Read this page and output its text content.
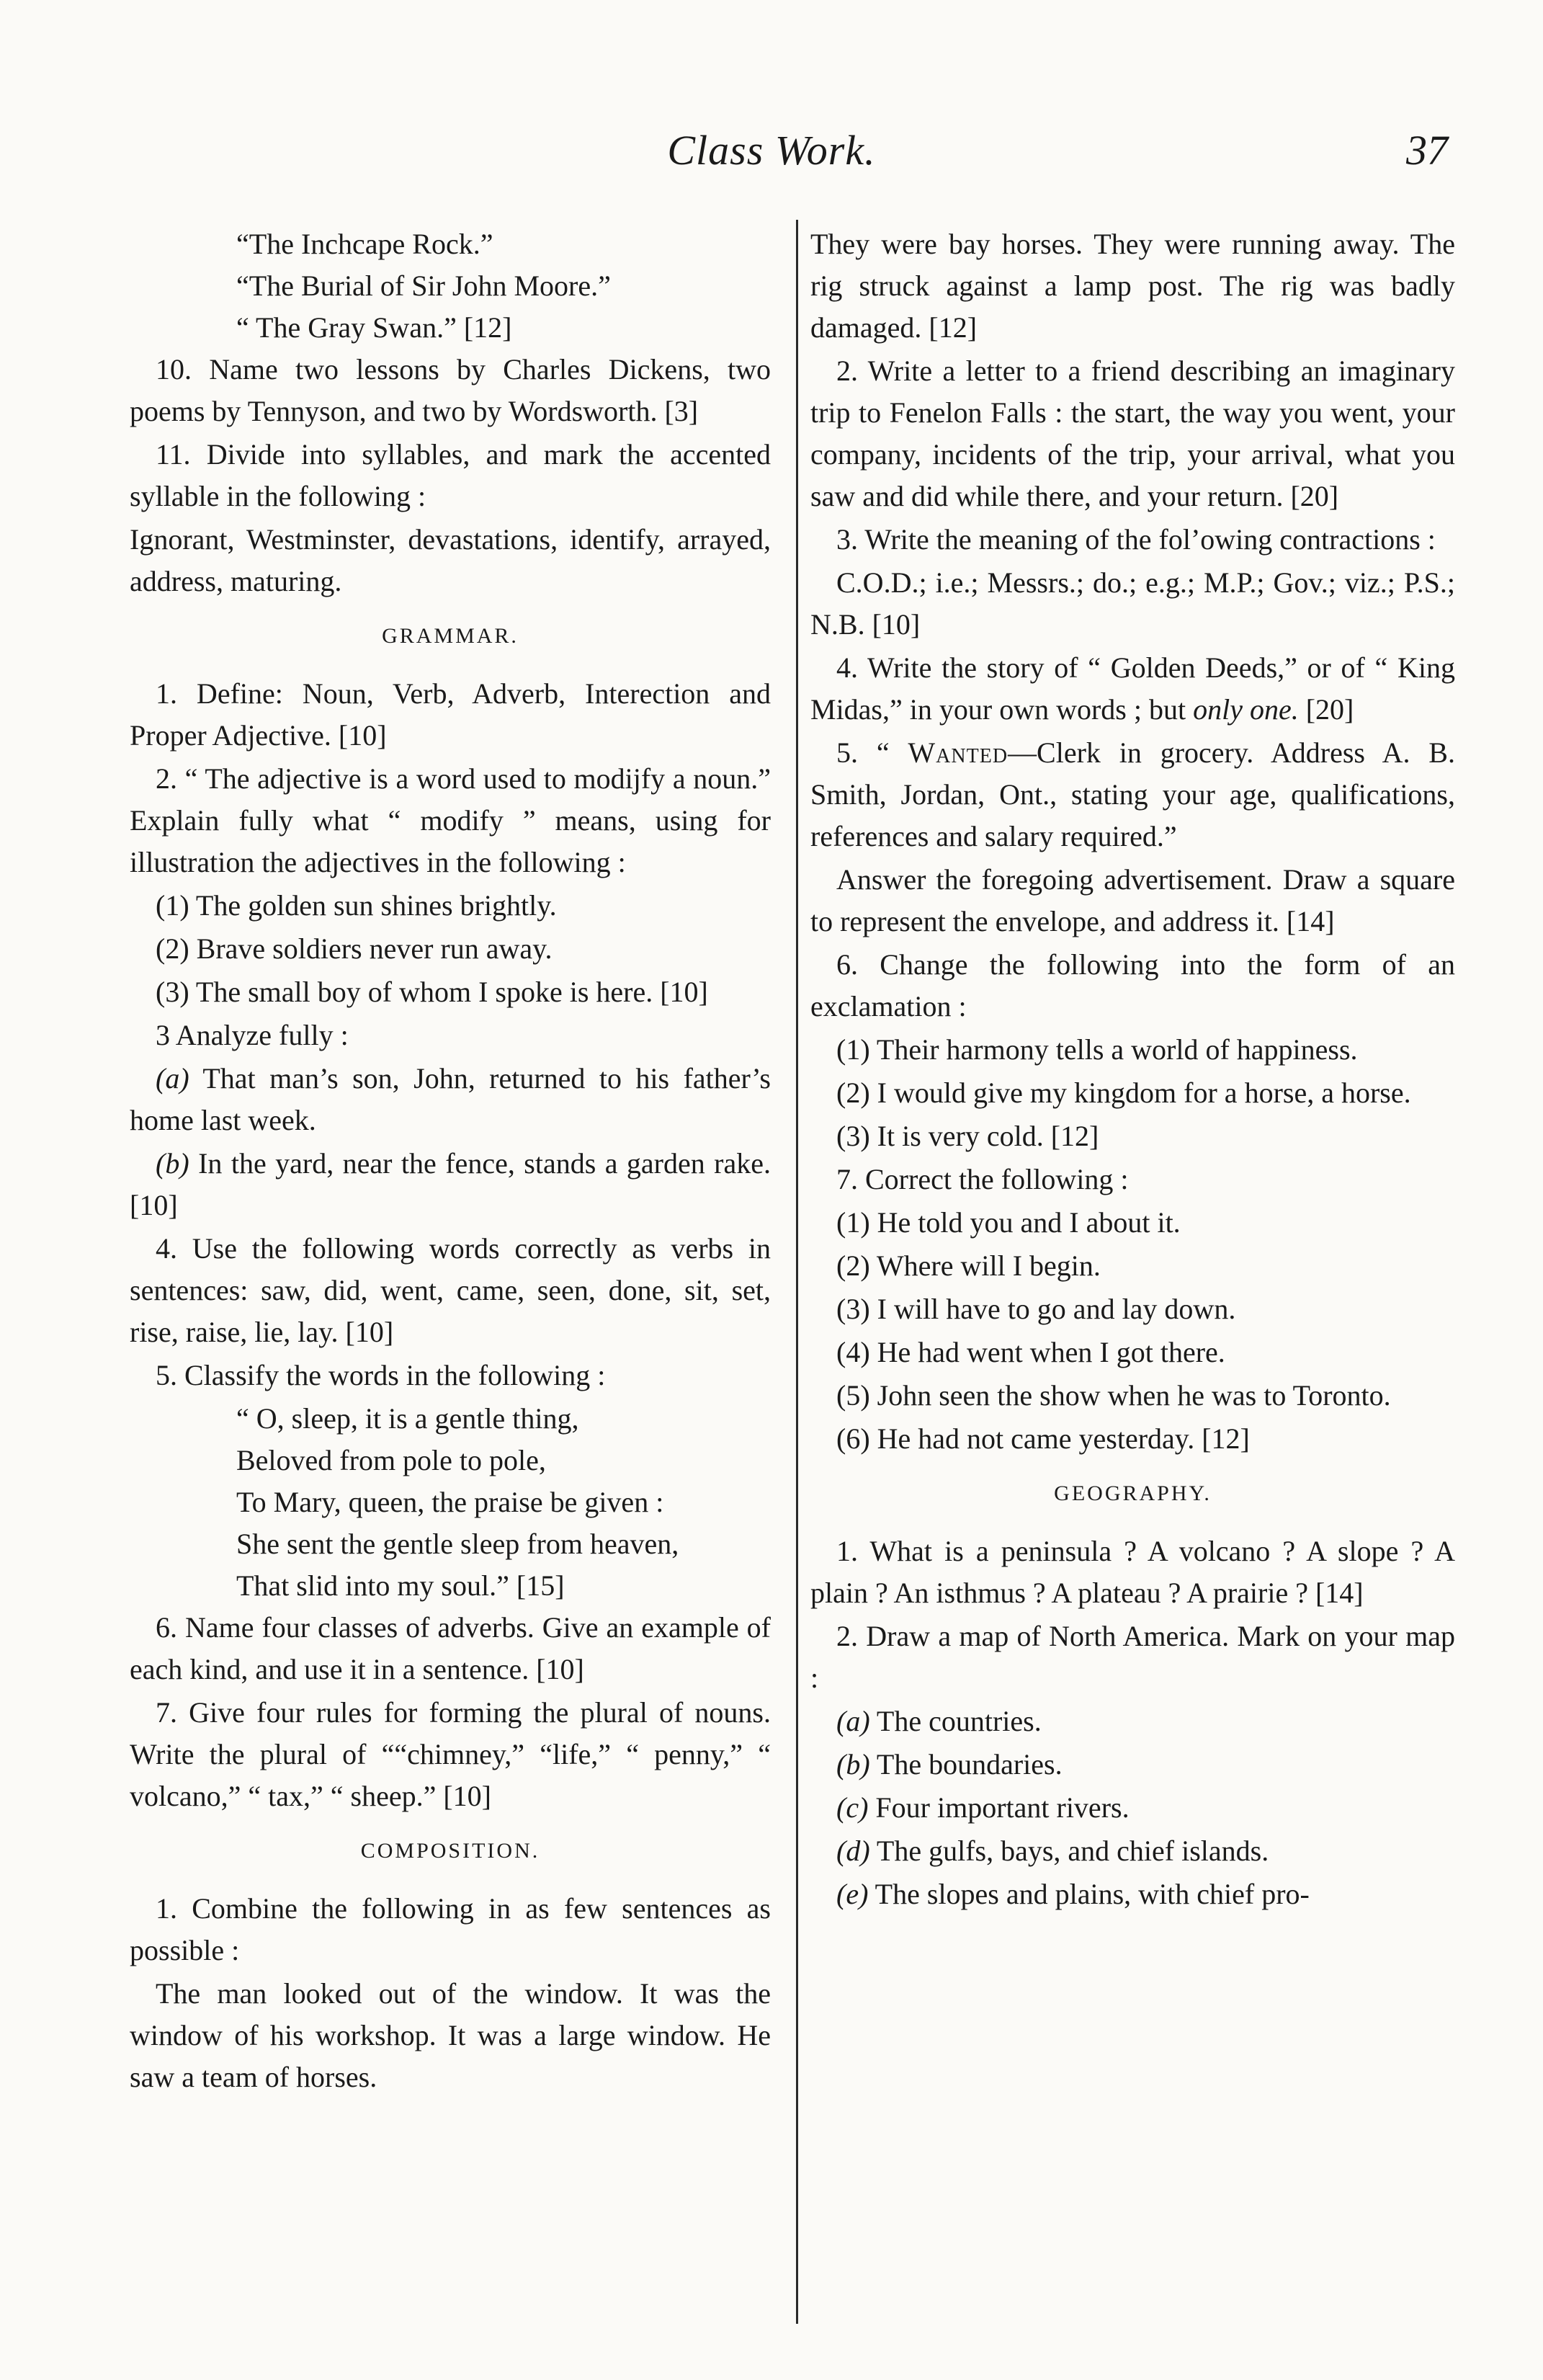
Class Work.	37

“The Inchcape Rock.”

“The Burial of Sir John Moore.”

“ The Gray Swan.” [12]

10. Name two lessons by Charles Dickens, two poems by Tennyson, and two by Wordsworth. [3]

11. Divide into syllables, and mark the accented syllable in the following :

Ignorant, Westminster, devastations, identify, arrayed, address, maturing.

GRAMMAR.

1. Define: Noun, Verb, Adverb, Interection and Proper Adjective. [10]

2. “ The adjective is a word used to modijfy a noun.” Explain fully what “ modify ” means, using for illustration the adjectives in the following :

(1) The golden sun shines brightly.

(2) Brave soldiers never run away.

(3) The small boy of whom I spoke is here. [10]

3 Analyze fully :

(a) That man’s son, John, returned to his father’s home last week.

(b) In the yard, near the fence, stands a garden rake. [10]

4. Use the following words correctly as verbs in sentences: saw, did, went, came, seen, done, sit, set, rise, raise, lie, lay. [10]

5. Classify the words in the following :

“ O, sleep, it is a gentle thing,

Beloved from pole to pole,

To Mary, queen, the praise be given :

She sent the gentle sleep from heaven,

That slid into my soul.” [15]

6. Name four classes of adverbs. Give an example of each kind, and use it in a sentence. [10]

7. Give four rules for forming the plural of nouns. Write the plural of ““chimney,” “life,” “ penny,” “ volcano,” “ tax,” “ sheep.” [10]

COMPOSITION.

1. Combine the following in as few sentences as possible :

The man looked out of the window. It was the window of his workshop. It was a large window. He saw a team of horses.

They were bay horses. They were running away. The rig struck against a lamp post. The rig was badly damaged. [12]

2. Write a letter to a friend describing an imaginary trip to Fenelon Falls : the start, the way you went, your company, incidents of the trip, your arrival, what you saw and did while there, and your return. [20]

3. Write the meaning of the fol’owing contractions :

C.O.D.; i.e.; Messrs.; do.; e.g.; M.P.; Gov.; viz.; P.S.; N.B. [10]

4. Write the story of “ Golden Deeds,” or of “ King Midas,” in your own words ; but only one. [20]

5. “ Wanted—Clerk in grocery. Address A. B. Smith, Jordan, Ont., stating your age, qualifications, references and salary required.”

Answer the foregoing advertisement. Draw a square to represent the envelope, and address it. [14]

6. Change the following into the form of an exclamation :

(1) Their harmony tells a world of happiness.

(2) I would give my kingdom for a horse, a horse.

(3) It is very cold. [12]

7. Correct the following :

(1) He told you and I about it.

(2) Where will I begin.

(3) I will have to go and lay down.

(4) He had went when I got there.

(5) John seen the show when he was to Toronto.

(6) He had not came yesterday. [12]

GEOGRAPHY.

1. What is a peninsula ? A volcano ? A slope ? A plain ? An isthmus ? A plateau ? A prairie ? [14]

2. Draw a map of North America. Mark on your map :

(a) The countries.

(b) The boundaries.

(c) Four important rivers.

(d) The gulfs, bays, and chief islands.

(e) The slopes and plains, with chief pro-
